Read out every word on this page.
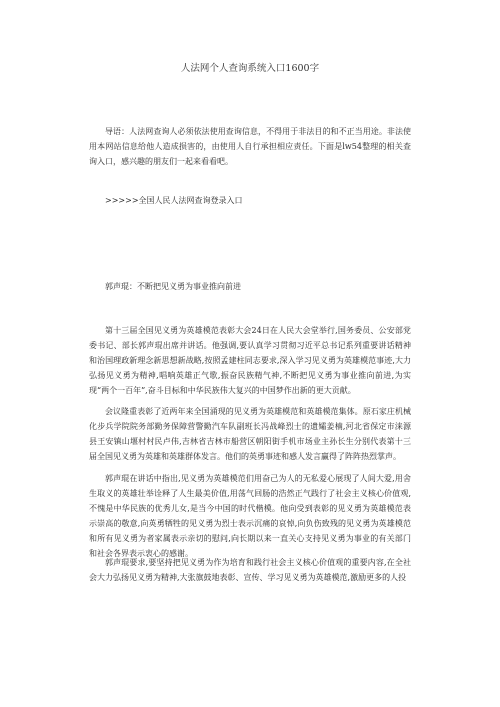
人法网个人查询系统入口1600字
导语：人法网查询人必须依法使用查询信息，不得用于非法目的和不正当用途。非法使用本网站信息给他人造成损害的，由使用人自行承担相应责任。下面是lw54整理的相关查询入口，感兴趣的朋友们一起来看看吧。
>>>>>全国人民人法网查询登录入口
郭声琨：不断把见义勇为事业推向前进
第十三届全国见义勇为英雄模范表彰大会24日在人民大会堂举行,国务委员、公安部党委书记、部长郭声琨出席并讲话。他强调,要认真学习贯彻习近平总书记系列重要讲话精神和治国理政新理念新思想新战略,按照孟建柱同志要求,深入学习见义勇为英雄模范事迹,大力弘扬见义勇为精神,唱响英雄正气歌,振奋民族精气神,不断把见义勇为事业推向前进,为实现“两个一百年”,奋斗目标和中华民族伟大复兴的中国梦作出新的更大贡献。
会议隆重表彰了近两年来全国涌现的见义勇为英雄模范和英雄模范集体。原石家庄机械化步兵学院院务部勤务保障营警勤汽车队副班长冯战峰烈士的遗孀姜楠,河北省保定市涞源县王安镇山堰村村民卢伟,吉林省吉林市船营区朝阳街手机市场业主孙长生分别代表第十三届全国见义勇为英雄和英雄群体发言。他们的英勇事迹和感人发言赢得了阵阵热烈掌声。
郭声琨在讲话中指出,见义勇为英雄模范们用奋己为人的无私爱心展现了人间大爱,用舍生取义的英雄壮举诠释了人生最美价值,用荡气回肠的浩然正气践行了社会主义核心价值观,不愧是中华民族的优秀儿女,是当今中国的时代楷模。他向受到表彰的见义勇为英雄模范表示崇高的敬意,向英勇牺牲的见义勇为烈士表示沉痛的哀悼,向负伤致残的见义勇为英雄模范和所有见义勇为者家属表示亲切的慰问,向长期以来一直关心支持见义勇为事业的有关部门和社会各界表示衷心的感谢。
郭声琨要求,要坚持把见义勇为作为培育和践行社会主义核心价值观的重要内容,在全社会大力弘扬见义勇为精神,大张旗鼓地表彰、宣传、学习见义勇为英雄模范,激励更多的人投
